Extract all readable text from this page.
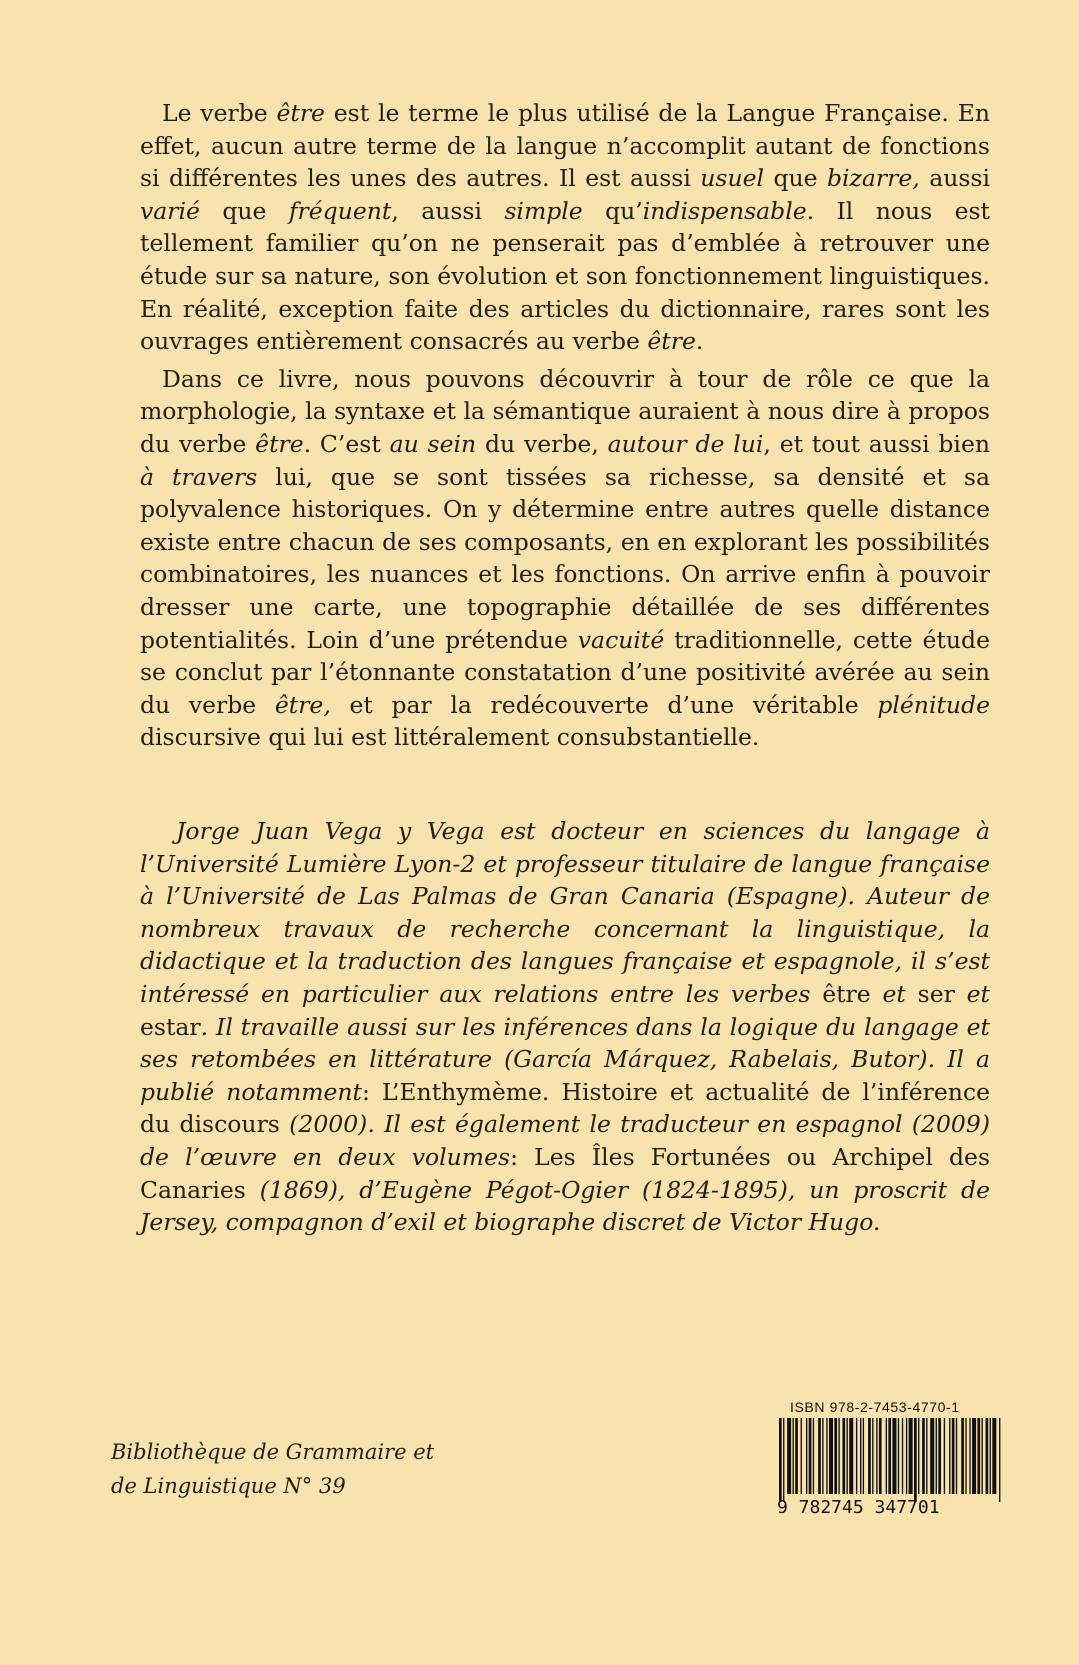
Le verbe être est le terme le plus utilisé de la Langue Française. En effet, aucun autre terme de la langue n’accomplit autant de fonctions si différentes les unes des autres. Il est aussi usuel que bizarre, aussi varié que fréquent, aussi simple qu’indispensable. Il nous est tellement familier qu’on ne penserait pas d’emblée à retrouver une étude sur sa nature, son évolution et son fonctionnement linguistiques. En réalité, exception faite des articles du dictionnaire, rares sont les ouvrages entièrement consacrés au verbe être.

Dans ce livre, nous pouvons découvrir à tour de rôle ce que la morphologie, la syntaxe et la sémantique auraient à nous dire à propos du verbe être. C’est au sein du verbe, autour de lui, et tout aussi bien à travers lui, que se sont tissées sa richesse, sa densité et sa polyvalence historiques. On y détermine entre autres quelle distance existe entre chacun de ses composants, en en explorant les possibilités combinatoires, les nuances et les fonctions. On arrive enfin à pouvoir dresser une carte, une topographie détaillée de ses différentes potentialités. Loin d’une prétendue vacuité traditionnelle, cette étude se conclut par l’étonnante constatation d’une positivité avérée au sein du verbe être, et par la redécouverte d’une véritable plénitude discursive qui lui est littéralement consubstantielle.

Jorge Juan Vega y Vega est docteur en sciences du langage à l’Université Lumière Lyon-2 et professeur titulaire de langue française à l’Université de Las Palmas de Gran Canaria (Espagne). Auteur de nombreux travaux de recherche concernant la linguistique, la didactique et la traduction des langues française et espagnole, il s’est intéressé en particulier aux relations entre les verbes être et ser et estar. Il travaille aussi sur les inférences dans la logique du langage et ses retombées en littérature (García Márquez, Rabelais, Butor). Il a publié notamment: L’Enthymème. Histoire et actualité de l’inférence du discours (2000). Il est également le traducteur en espagnol (2009) de l’œuvre en deux volumes: Les Îles Fortunées ou Archipel des Canaries (1869), d’Eugène Pégot-Ogier (1824-1895), un proscrit de Jersey, compagnon d’exil et biographe discret de Victor Hugo.

Bibliothèque de Grammaire et
de Linguistique N° 39
ISBN 978-2-7453-4770-1
9 782745 347701
